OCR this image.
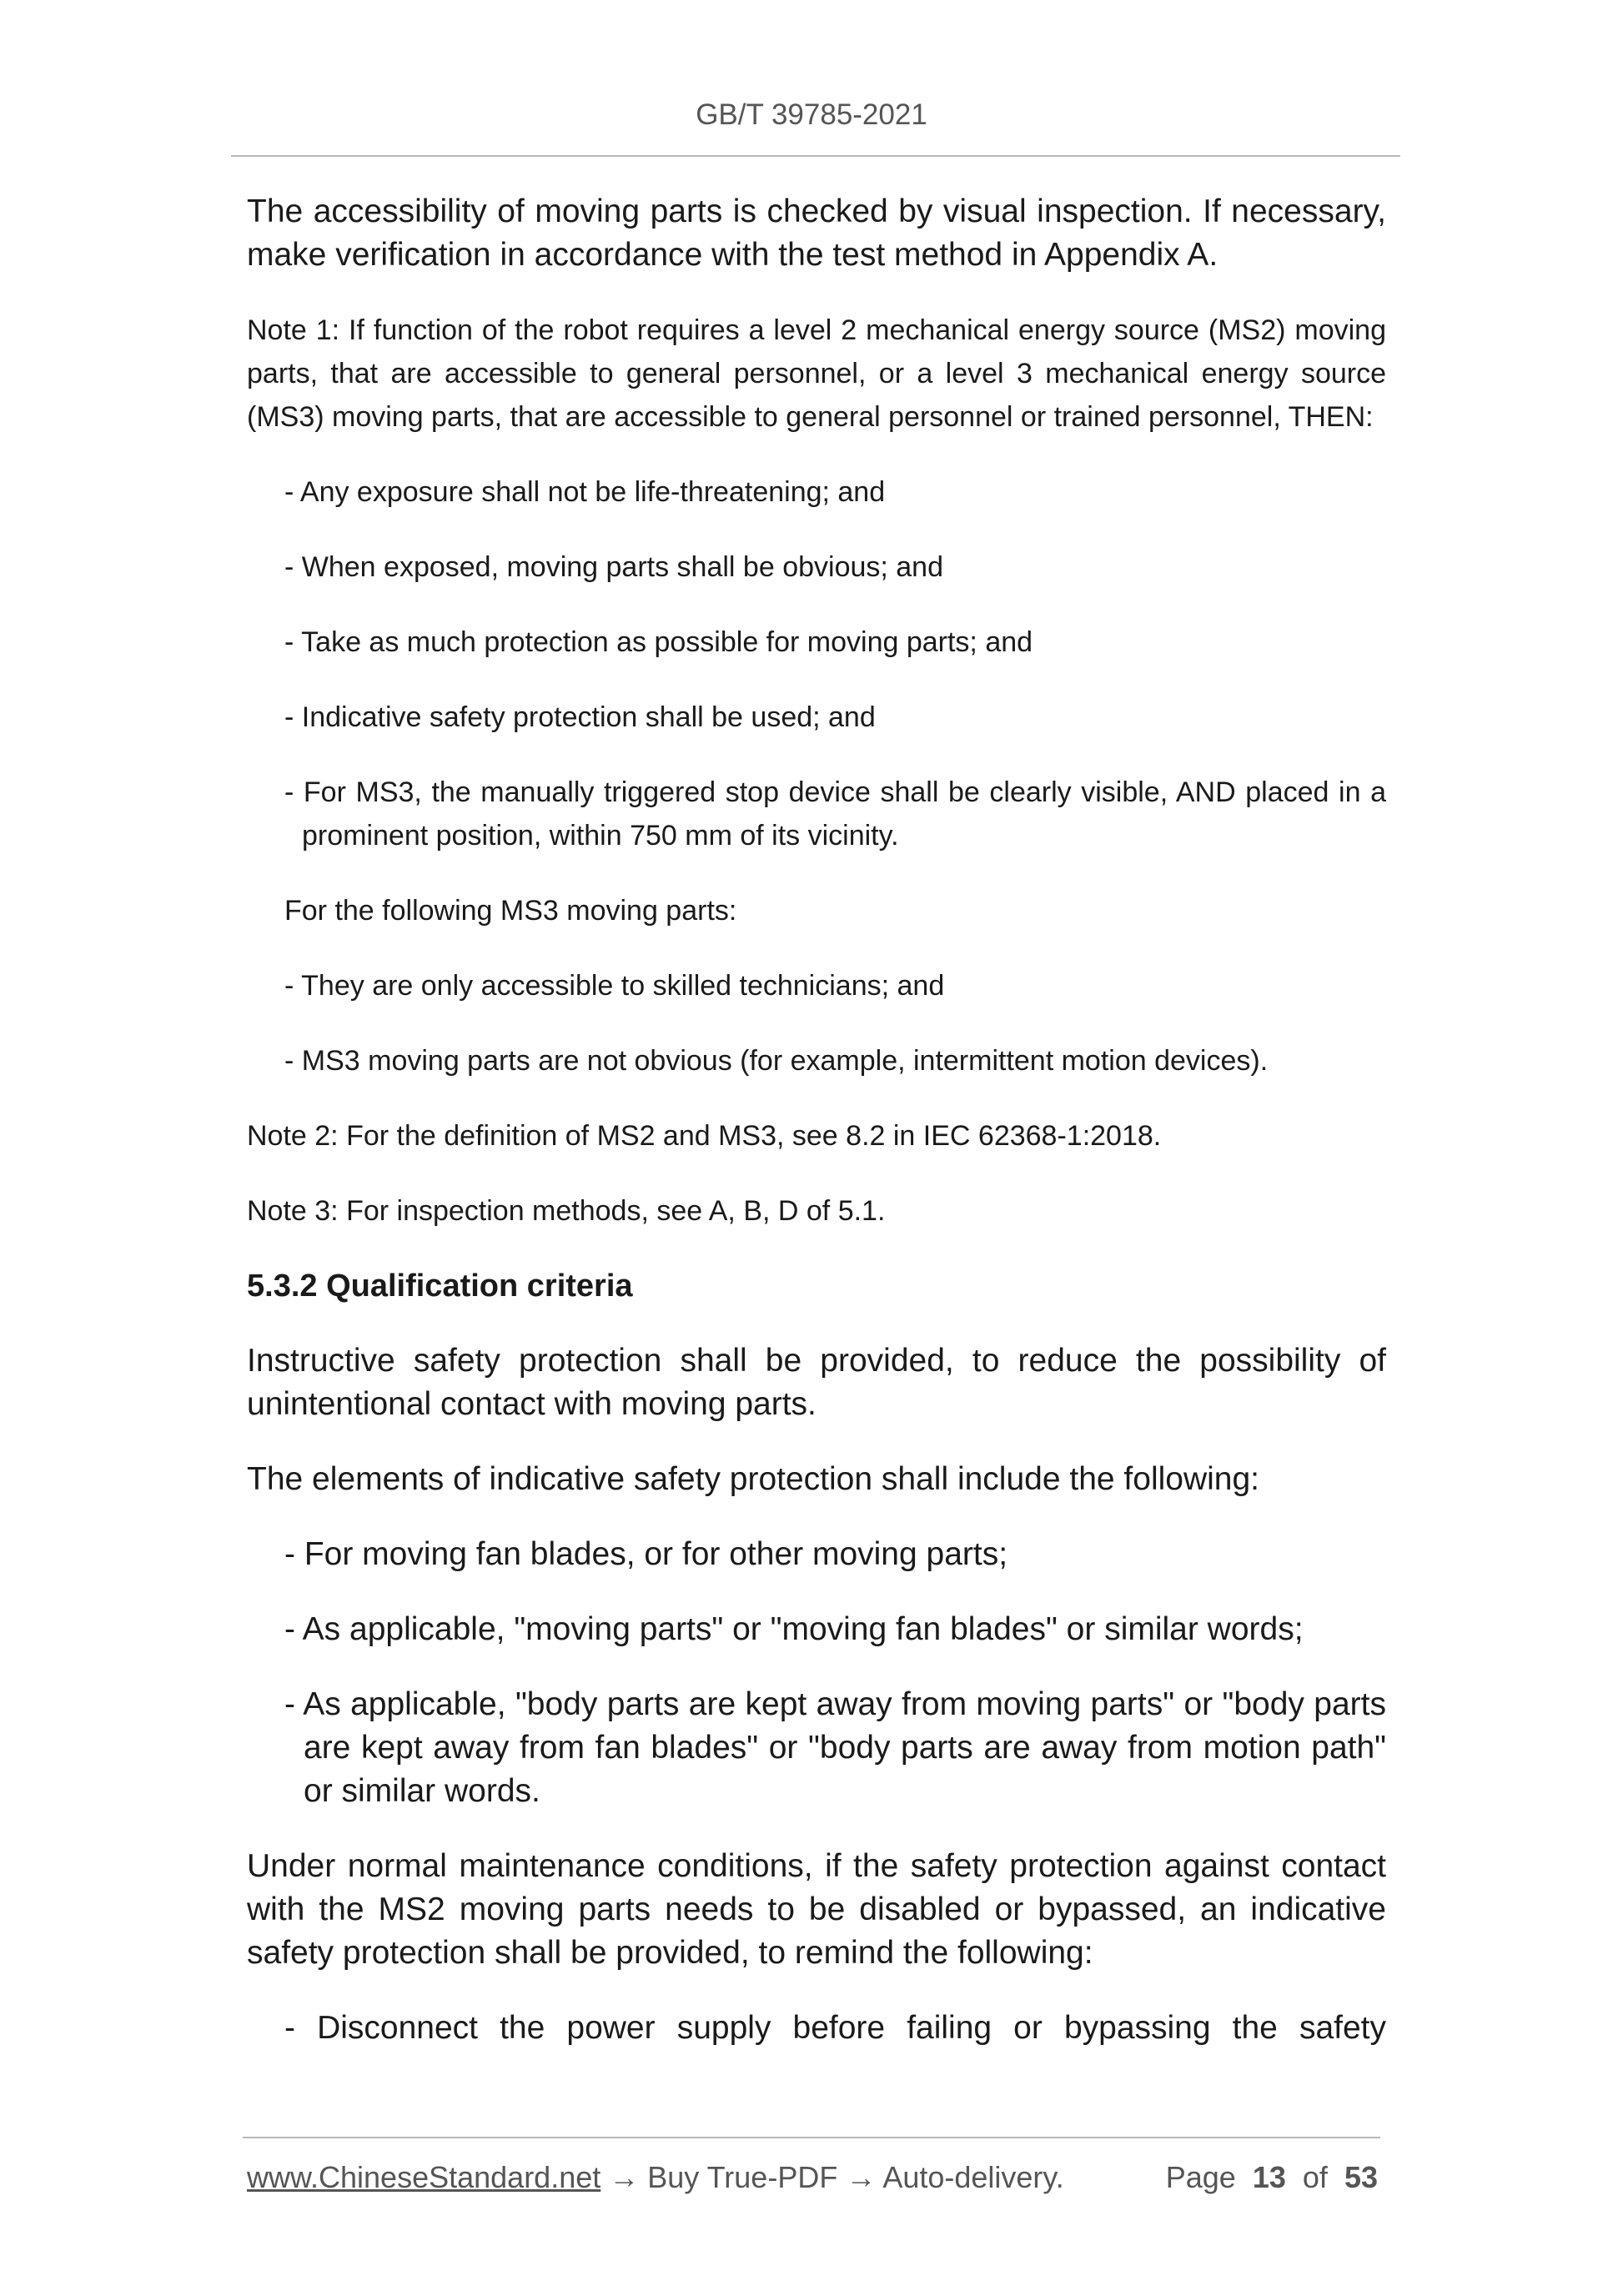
GB/T 39785-2021

The accessibility of moving parts is checked by visual inspection. If necessary, make verification in accordance with the test method in Appendix A.

Note 1: If function of the robot requires a level 2 mechanical energy source (MS2) moving parts, that are accessible to general personnel, or a level 3 mechanical energy source (MS3) moving parts, that are accessible to general personnel or trained personnel, THEN:

- Any exposure shall not be life-threatening; and

- When exposed, moving parts shall be obvious; and

- Take as much protection as possible for moving parts; and

- Indicative safety protection shall be used; and

- For MS3, the manually triggered stop device shall be clearly visible, AND placed in a prominent position, within 750 mm of its vicinity.

For the following MS3 moving parts:

- They are only accessible to skilled technicians; and

- MS3 moving parts are not obvious (for example, intermittent motion devices).

Note 2: For the definition of MS2 and MS3, see 8.2 in IEC 62368-1:2018.

Note 3: For inspection methods, see A, B, D of 5.1.

5.3.2 Qualification criteria

Instructive safety protection shall be provided, to reduce the possibility of unintentional contact with moving parts.

The elements of indicative safety protection shall include the following:

- For moving fan blades, or for other moving parts;

- As applicable, "moving parts" or "moving fan blades" or similar words;

- As applicable, "body parts are kept away from moving parts" or "body parts are kept away from fan blades" or "body parts are away from motion path" or similar words.

Under normal maintenance conditions, if the safety protection against contact with the MS2 moving parts needs to be disabled or bypassed, an indicative safety protection shall be provided, to remind the following:

- Disconnect the power supply before failing or bypassing the safety

www.ChineseStandard.net → Buy True-PDF → Auto-delivery.	Page 13 of 53
